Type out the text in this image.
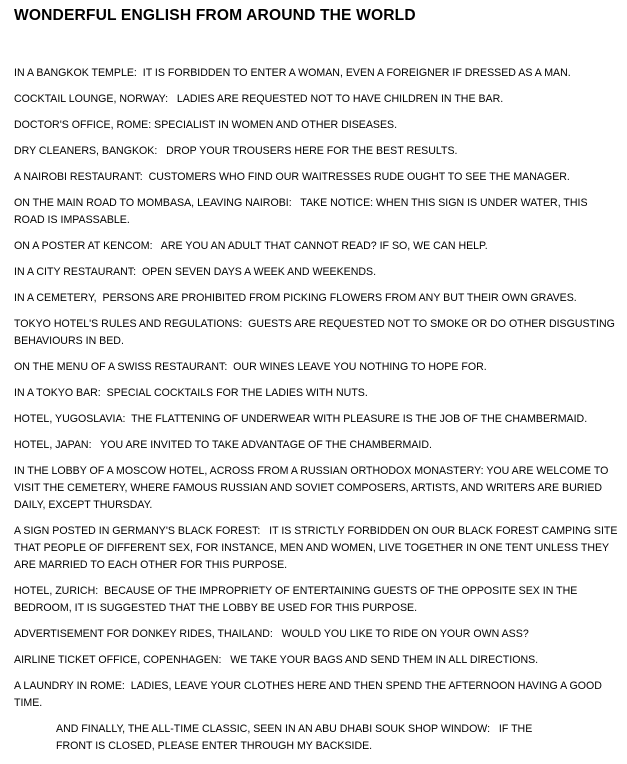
WONDERFUL ENGLISH FROM AROUND THE WORLD
IN A BANGKOK TEMPLE:  IT IS FORBIDDEN TO ENTER A WOMAN, EVEN A FOREIGNER IF DRESSED AS A MAN.
COCKTAIL LOUNGE, NORWAY:   LADIES ARE REQUESTED NOT TO HAVE CHILDREN IN THE BAR.
DOCTOR'S OFFICE, ROME: SPECIALIST IN WOMEN AND OTHER DISEASES.
DRY CLEANERS, BANGKOK:   DROP YOUR TROUSERS HERE FOR THE BEST RESULTS.
A NAIROBI RESTAURANT:  CUSTOMERS WHO FIND OUR WAITRESSES RUDE OUGHT TO SEE THE MANAGER.
ON THE MAIN ROAD TO MOMBASA, LEAVING NAIROBI:   TAKE NOTICE: WHEN THIS SIGN IS UNDER WATER, THIS ROAD IS IMPASSABLE.
ON A POSTER AT KENCOM:   ARE YOU AN ADULT THAT CANNOT READ? IF SO, WE CAN HELP.
IN A CITY RESTAURANT:  OPEN SEVEN DAYS A WEEK AND WEEKENDS.
IN A CEMETERY,  PERSONS ARE PROHIBITED FROM PICKING FLOWERS FROM ANY BUT THEIR OWN GRAVES.
TOKYO HOTEL'S RULES AND REGULATIONS:  GUESTS ARE REQUESTED NOT TO SMOKE OR DO OTHER DISGUSTING BEHAVIOURS IN BED.
ON THE MENU OF A SWISS RESTAURANT:  OUR WINES LEAVE YOU NOTHING TO HOPE FOR.
IN A TOKYO BAR:  SPECIAL COCKTAILS FOR THE LADIES WITH NUTS.
HOTEL, YUGOSLAVIA:  THE FLATTENING OF UNDERWEAR WITH PLEASURE IS THE JOB OF THE CHAMBERMAID.
HOTEL, JAPAN:   YOU ARE INVITED TO TAKE ADVANTAGE OF THE CHAMBERMAID.
IN THE LOBBY OF A MOSCOW HOTEL, ACROSS FROM A RUSSIAN ORTHODOX MONASTERY: YOU ARE WELCOME TO VISIT THE CEMETERY, WHERE FAMOUS RUSSIAN AND SOVIET COMPOSERS, ARTISTS, AND WRITERS ARE BURIED DAILY, EXCEPT THURSDAY.
A SIGN POSTED IN GERMANY'S BLACK FOREST:   IT IS STRICTLY FORBIDDEN ON OUR BLACK FOREST CAMPING SITE THAT PEOPLE OF DIFFERENT SEX, FOR INSTANCE, MEN AND WOMEN, LIVE TOGETHER IN ONE TENT UNLESS THEY ARE MARRIED TO EACH OTHER FOR THIS PURPOSE.
HOTEL, ZURICH:  BECAUSE OF THE IMPROPRIETY OF ENTERTAINING GUESTS OF THE OPPOSITE SEX IN THE BEDROOM, IT IS SUGGESTED THAT THE LOBBY BE USED FOR THIS PURPOSE.
ADVERTISEMENT FOR DONKEY RIDES, THAILAND:   WOULD YOU LIKE TO RIDE ON YOUR OWN ASS?
AIRLINE TICKET OFFICE, COPENHAGEN:   WE TAKE YOUR BAGS AND SEND THEM IN ALL DIRECTIONS.
A LAUNDRY IN ROME:  LADIES, LEAVE YOUR CLOTHES HERE AND THEN SPEND THE AFTERNOON HAVING A GOOD TIME.
AND FINALLY, THE ALL-TIME CLASSIC, SEEN IN AN ABU DHABI SOUK SHOP WINDOW:   IF THE FRONT IS CLOSED, PLEASE ENTER THROUGH MY BACKSIDE.
